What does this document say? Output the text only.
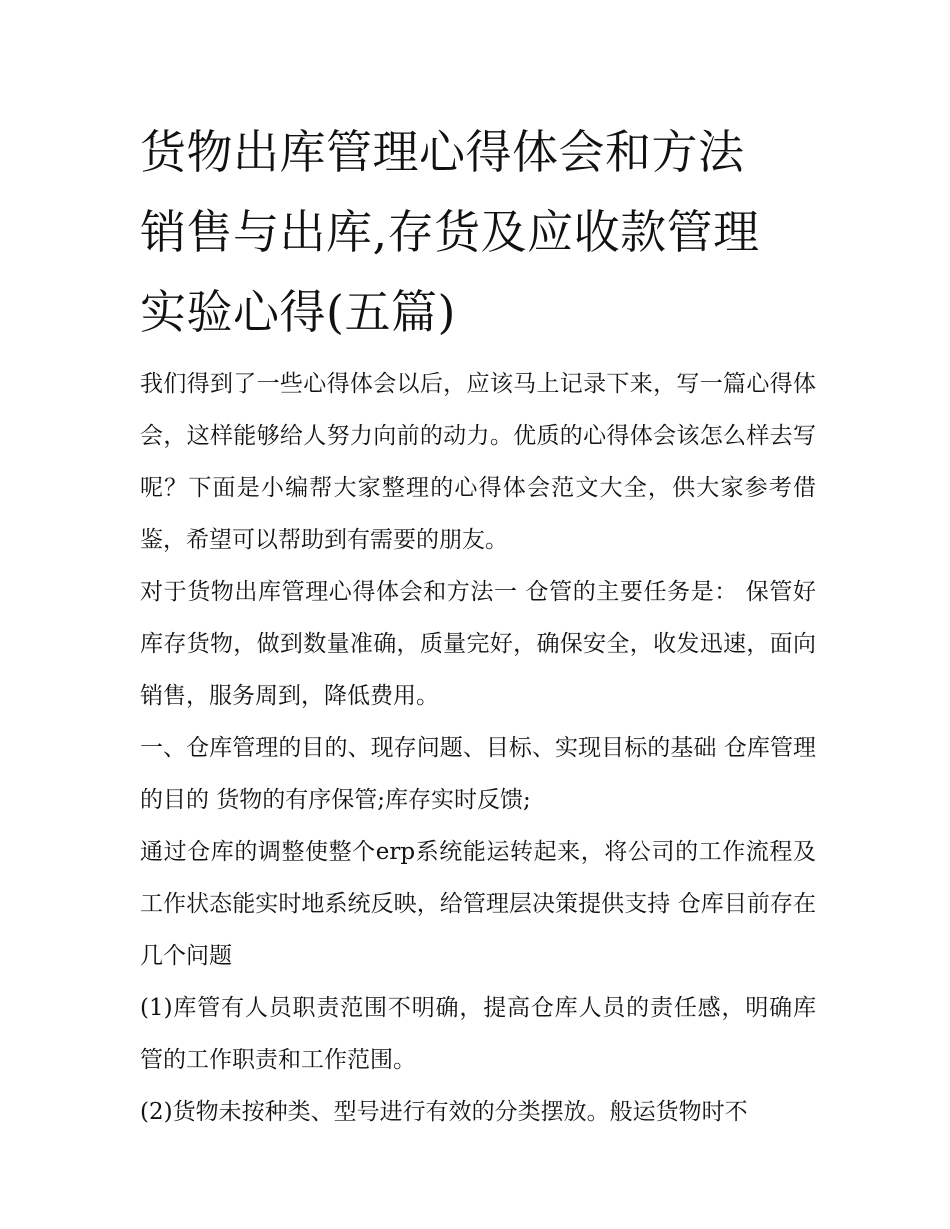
货物出库管理心得体会和方法
销售与出库,存货及应收款管理
实验心得(五篇)

我们得到了一些心得体会以后，应该马上记录下来，写一篇心得体会，这样能够给人努力向前的动力。优质的心得体会该怎么样去写呢？下面是小编帮大家整理的心得体会范文大全，供大家参考借鉴，希望可以帮助到有需要的朋友。

对于货物出库管理心得体会和方法一 仓管的主要任务是： 保管好库存货物，做到数量准确，质量完好，确保安全，收发迅速，面向销售，服务周到，降低费用。

一、仓库管理的目的、现存问题、目标、实现目标的基础 仓库管理的目的 货物的有序保管;库存实时反馈;

通过仓库的调整使整个erp系统能运转起来，将公司的工作流程及工作状态能实时地系统反映，给管理层决策提供支持 仓库目前存在几个问题

(1)库管有人员职责范围不明确，提高仓库人员的责任感，明确库管的工作职责和工作范围。

(2)货物未按种类、型号进行有效的分类摆放。般运货物时不
